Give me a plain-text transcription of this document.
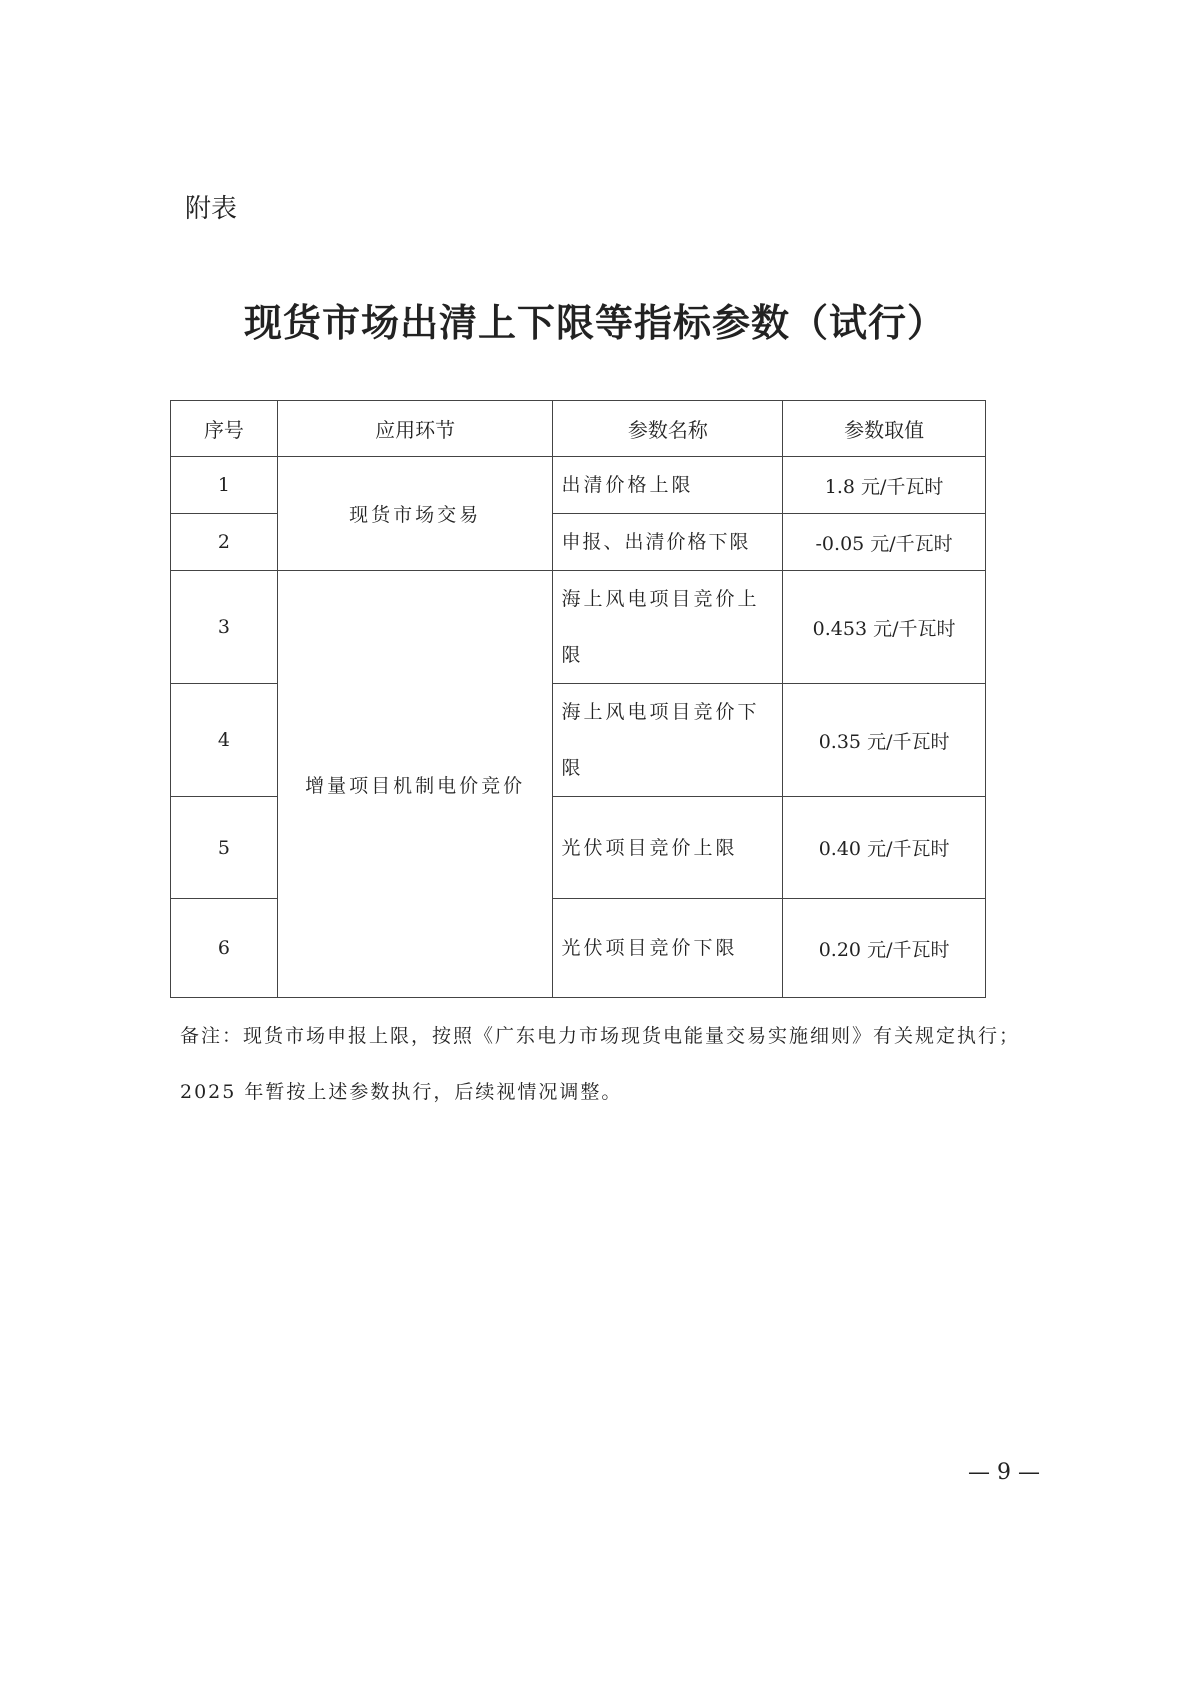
附表
现货市场出清上下限等指标参数（试行）
序号	应用环节	参数名称	参数取值
1	现货市场交易	出清价格上限	1.8 元/千瓦时
2		申报、出清价格下限	-0.05 元/千瓦时
3	增量项目机制电价竞价	海上风电项目竞价上限	0.453 元/千瓦时
4		海上风电项目竞价下限	0.35 元/千瓦时
5		光伏项目竞价上限	0.40 元/千瓦时
6		光伏项目竞价下限	0.20 元/千瓦时
备注：现货市场申报上限，按照《广东电力市场现货电能量交易实施细则》有关规定执行；2025 年暂按上述参数执行，后续视情况调整。
— 9 —
